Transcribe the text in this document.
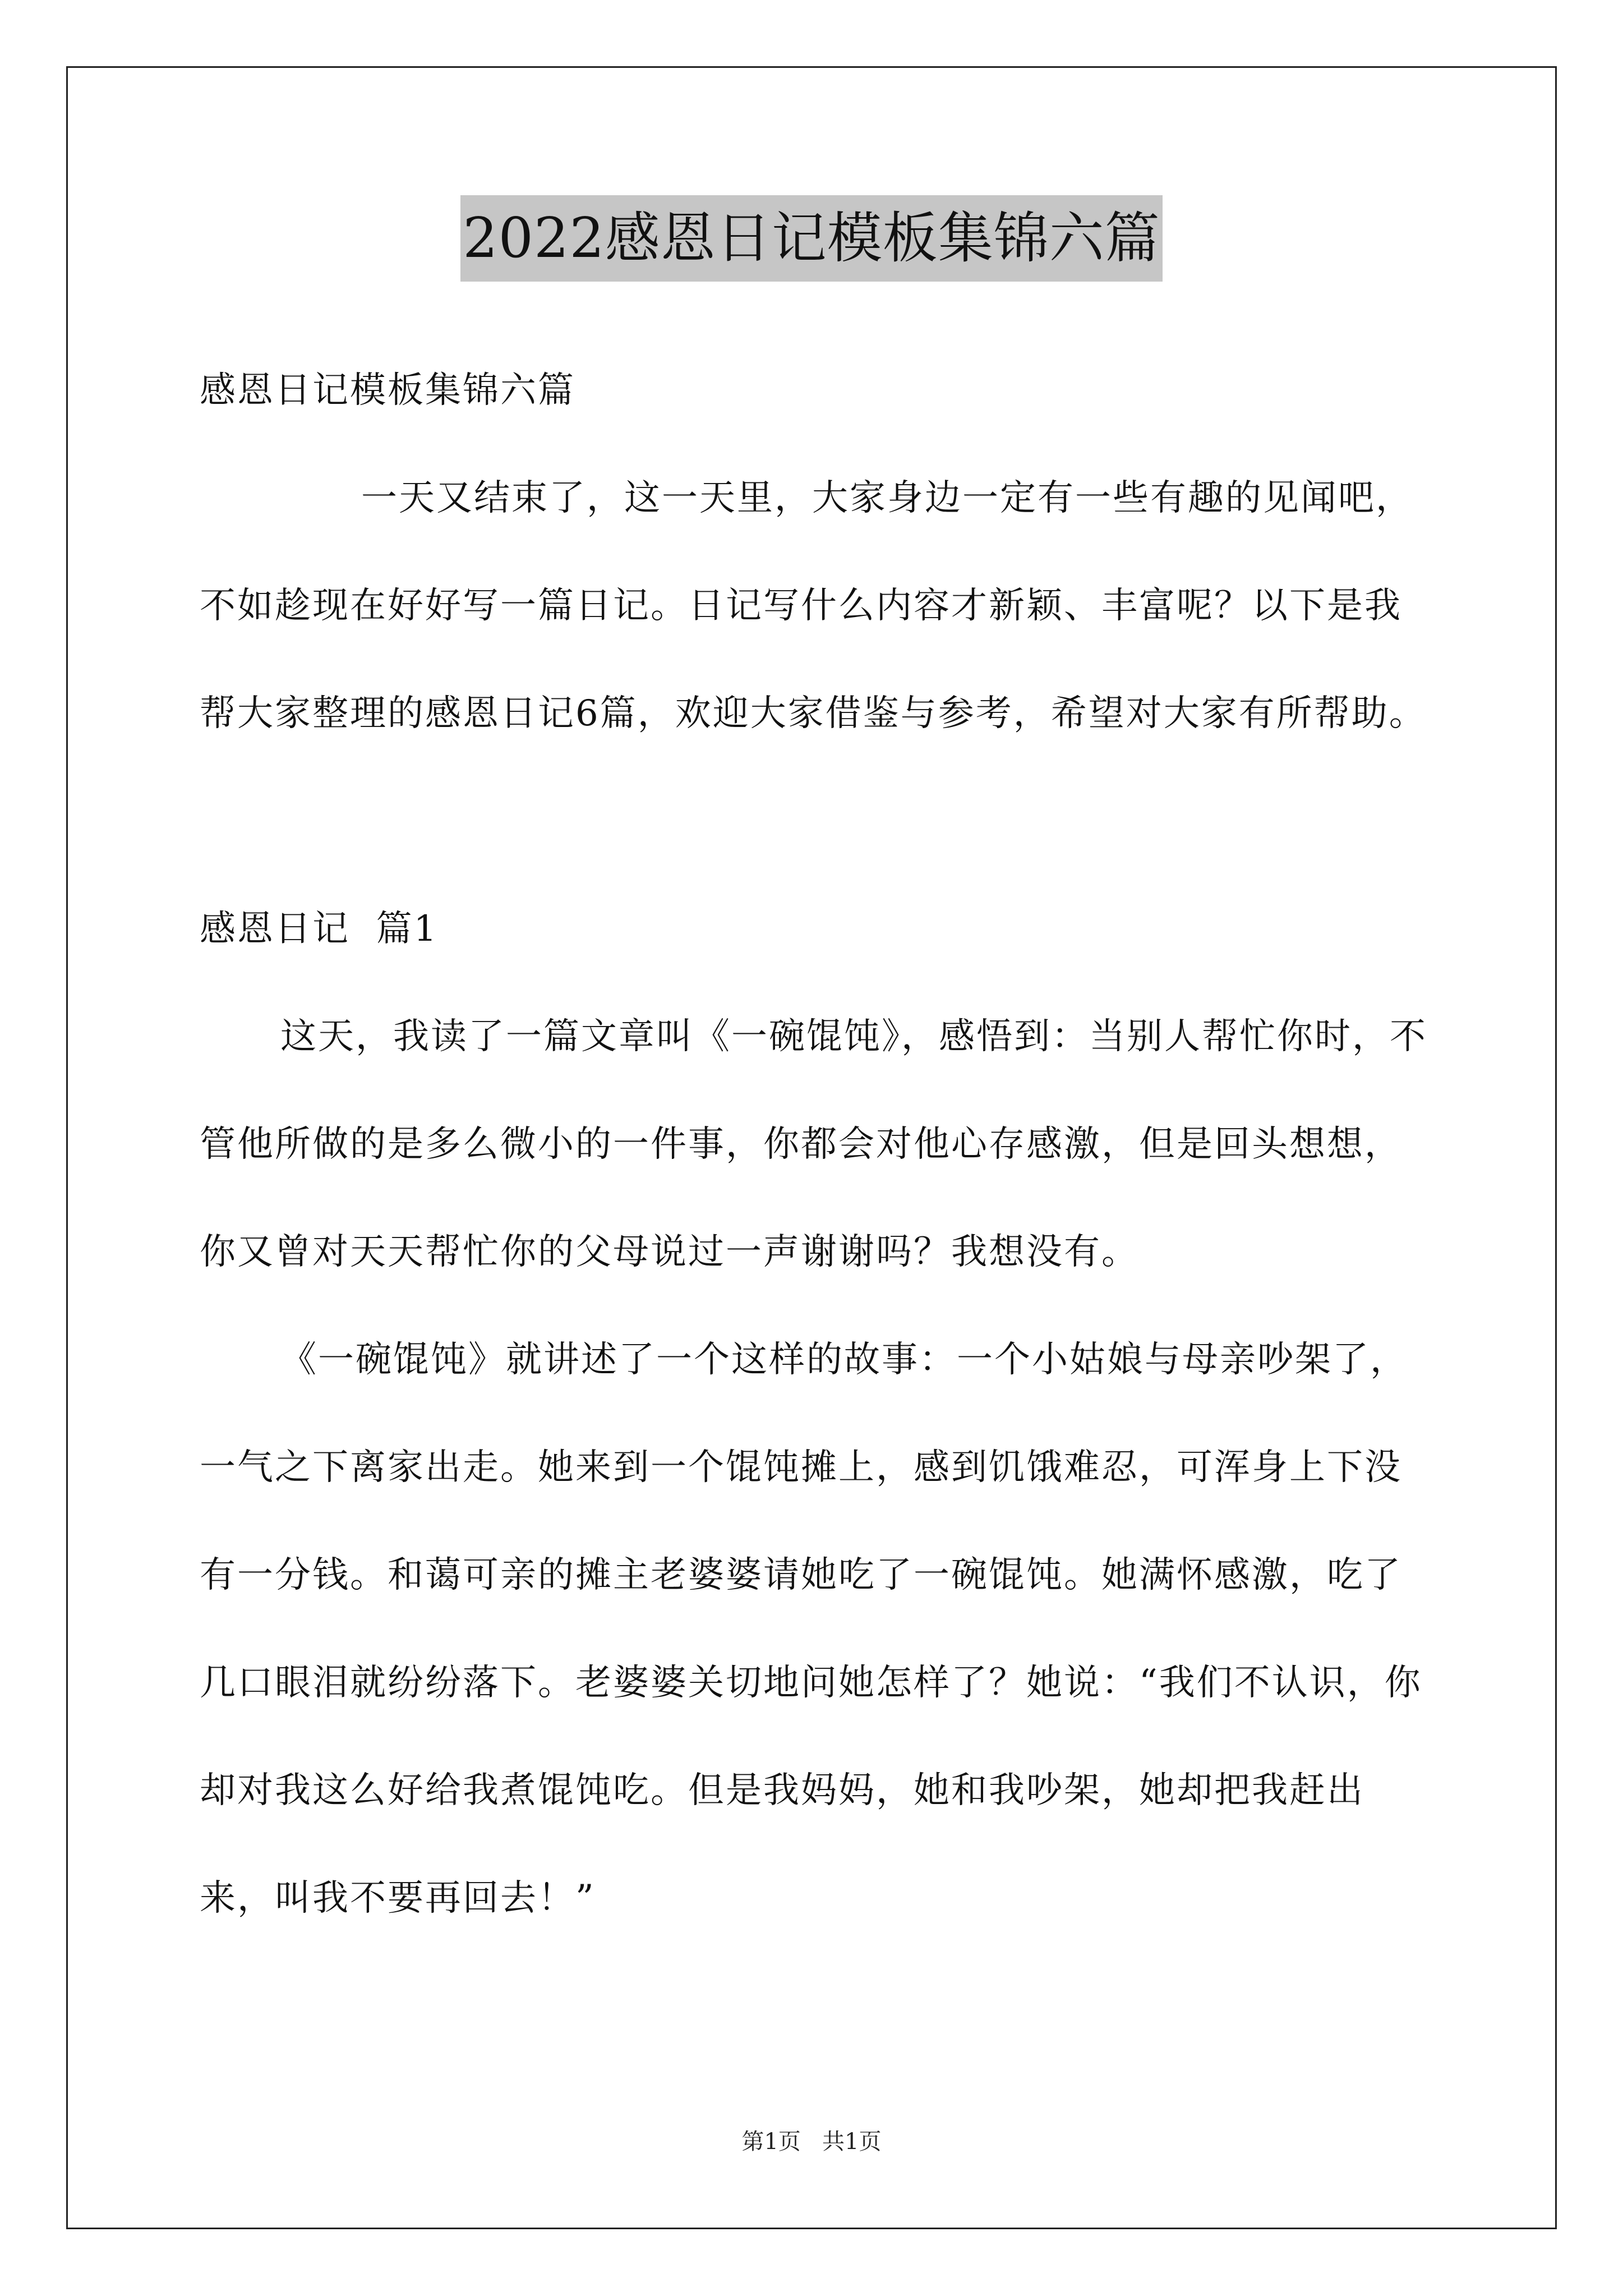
2022感恩日记模板集锦六篇

感恩日记模板集锦六篇

一天又结束了，这一天里，大家身边一定有一些有趣的见闻吧，不如趁现在好好写一篇日记。日记写什么内容才新颖、丰富呢？以下是我帮大家整理的感恩日记6篇，欢迎大家借鉴与参考，希望对大家有所帮助。

感恩日记  篇1

这天，我读了一篇文章叫《一碗馄饨》，感悟到：当别人帮忙你时，不管他所做的是多么微小的一件事，你都会对他心存感激，但是回头想想，你又曾对天天帮忙你的父母说过一声谢谢吗？我想没有。

《一碗馄饨》就讲述了一个这样的故事：一个小姑娘与母亲吵架了，一气之下离家出走。她来到一个馄饨摊上，感到饥饿难忍，可浑身上下没有一分钱。和蔼可亲的摊主老婆婆请她吃了一碗馄饨。她满怀感激，吃了几口眼泪就纷纷落下。老婆婆关切地问她怎样了？她说：“我们不认识，你却对我这么好给我煮馄饨吃。但是我妈妈，她和我吵架，她却把我赶出来，叫我不要再回去！”

第1页   共1页
